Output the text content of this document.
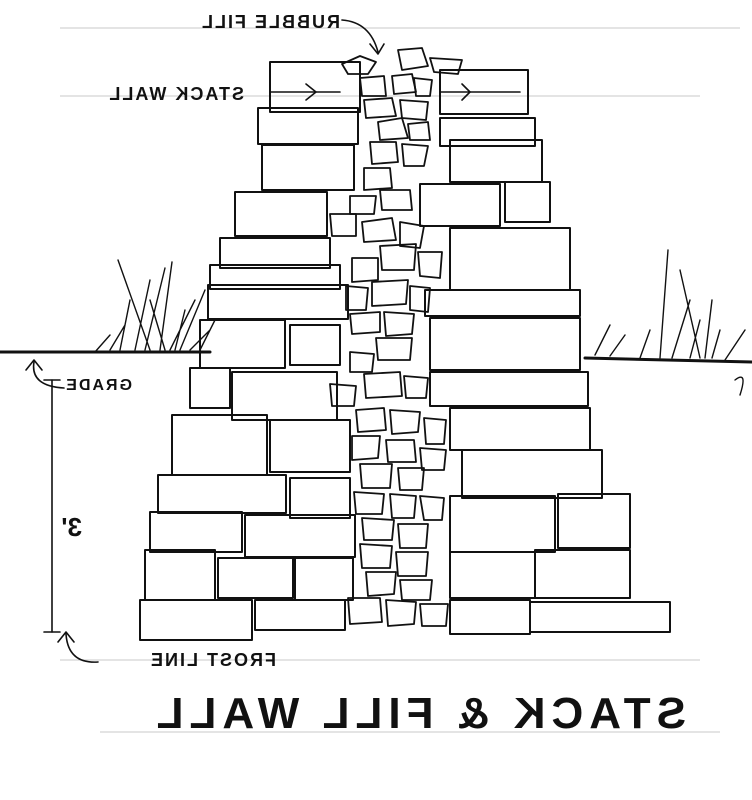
RUBBLE FILL
STACK WALL
GRADE
3'
FROST LINE
STACK & FILL WALL
